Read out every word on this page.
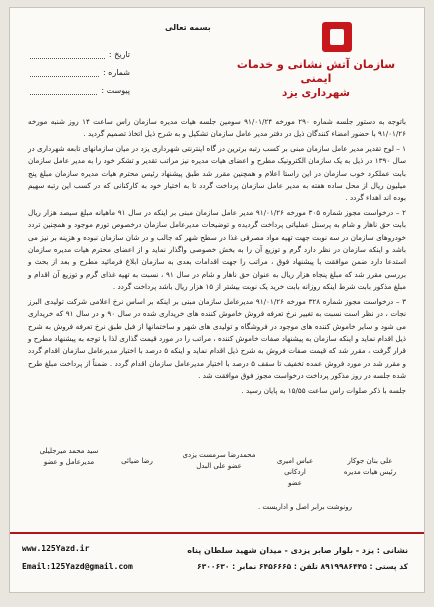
سازمان آتش نشانی و خدمات ایمنی
شهرداری یزد
بسمه تعالی
تاریخ :
شماره :
پیوست :

باتوجه به دستور جلسه شماره ۲۹۰ مورخه ۹۱/۰۱/۲۴ سومین جلسه هیات مدیره سازمان راس ساعت ۱۴ روز شنبه مورخه ۹۱/۰۱/۲۶ با حضور امضاء کنندگان ذیل در دفتر مدیر عامل سازمان تشکیل و به شرح ذیل اتخاذ تصمیم گردید .

۱ – لوح تقدیر مدیر عامل سازمان مبنی بر کسب رتبه برترین در گاه اینترنتی شهرداری یزد در میان سازمانهای تابعه شهرداری در سال ۱۳۹۰ در ذیل به یک سازمان الکترونیک مطرح و اعضای هیات مدیره نیز مراتب تقدیر و تشکر خود را به مدیر عامل سازمان بابت عملکرد خوب سازمان در این راستا اعلام و همچنین مقرر شد طبق پیشنهاد رئیس محترم هیات مدیره سازمان مبلغ پنج میلیون ریال از محل ساده هفته به مدیر عامل سازمان پرداخت گردد تا به اختیار خود به کارکنانی که در کسب این رتبه سهیم بوده اند اهداء گردد .

۲ – درخواست مجوز شماره ۳۰۵ مورخه ۹۱/۰۱/۲۶ مدیر عامل سازمان مبنی بر اینکه در سال ۹۱ ماهیانه مبلغ سیصد هزار ریال بابت حق ناهار و شام به پرسنل عملیاتی پرداخت گردیده و توضیحات مدیرعامل سازمان درخصوص تورم موجود و همچنین تردد خودروهای سازمان در سه نوبت جهت تهیه مواد مصرفی غذا در سطح شهر که جالب و در شان سازمان نبوده و هزینه بر نیز می باشد و اینکه سازمان در نظر دارد گرم و توزیع آن را به بخش خصوصی واگذار نماید و از اعضای محترم هیات مدیره سازمان استدعا دارد ضمن موافقت با پیشنهاد فوق ، مراتب را جهت اقدامات بعدی به سازمان ابلاغ فرمائید مطرح و بعد از بحث و بررسی مقرر شد که مبلغ پنجاه هزار ریال به عنوان حق ناهار و شام در سال ۹۱ ، نسبت به تهیه غذای گرم و توزیع آن اقدام و مبلغ مذکور بابت شرط اینکه روزانه بابت خرید یک نوبت بیشتر از ۱۵ هزار ریال باشد پرداخت گردد .

۳ – درخواست مجوز شماره ۳۲۸ مورخه ۹۱/۰۱/۲۶ مدیرعامل سازمان مبنی بر اینکه بر اساس نرخ اعلامی شرکت تولیدی البرز نجات ، در نظر است نسبت به تغییر نرخ تعرفه فروش خاموش کننده های خریداری شده در سال ۹۰ و در سال ۹۱ که خریداری می شود و سایر خاموش کننده های موجود در فروشگاه و تولیدی های شهر و ساختمانها از فبل طبق نرخ تعرفه فروش به شرح ذیل اقدام نماید و اینکه سازمان به پیشنهاد صفات خاموش کننده ، مراتب را در مورد قیمت گذاری لذا با توجه به پیشنهاد مطرح و قرار گرفت ، مقرر شد که قیمت صفات فروش به شرح ذیل اقدام نماید و اینکه ۵ درصد با اختیار مدیرعامل سازمان اقدام گردد و مقرر شد در مورد فروش عمده تخفیف تا سقف ۵ درصد با اختیار مدیرعامل سازمان اقدام گردد . ضمناً از پرداخت مبلغ طرح شده جلسه در روز مذکور پرداخت درخواست مجوز فوق موافقت شد .

جلسه با ذکر صلوات راس ساعت ۱۵/۵۵ به پایان رسید .

علی بنان جوکار
رئیس هیات مدیره
عباس امیری اردکانی
عضو
محمدرضا سرمست یزدی
عضو علی البدل
رضا ضیائی
سید محمد میرجلیلی
مدیرعامل و عضو
رونوشت برابر اصل و اداریست .
نشانی : یزد - بلوار صابر یزدی - میدان شهید سلطان پناه
کد پستی : ۸۹۱۹۹۸۶۴۴۵ تلفن : ۶۴۵۶۶۶۵ نمابر : ۶۳۰۰۶۳۰
www.125Yazd.ir
Email:125Yazd@gmail.com
